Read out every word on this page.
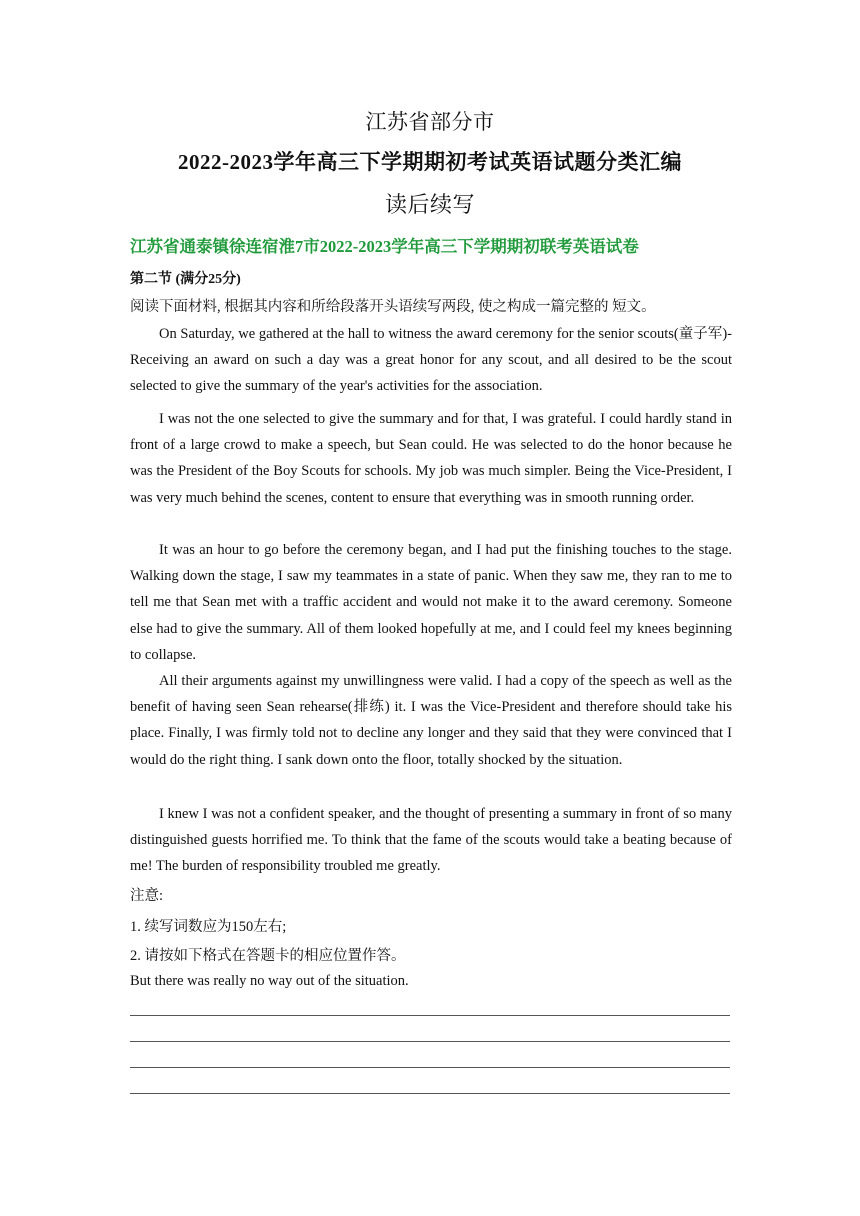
江苏省部分市
2022-2023学年高三下学期期初考试英语试题分类汇编
读后续写
江苏省通泰镇徐连宿淮7市2022-2023学年高三下学期期初联考英语试卷
第二节 (满分25分)
阅读下面材料, 根据其内容和所给段落开头语续写两段, 使之构成一篇完整的 短文。

On Saturday, we gathered at the hall to witness the award ceremony for the senior scouts(童子军)- Receiving an award on such a day was a great honor for any scout, and all desired to be the scout selected to give the summary of the year's activities for the association.

I was not the one selected to give the summary and for that, I was grateful. I could hardly stand in front of a large crowd to make a speech, but Sean could. He was selected to do the honor because he was the President of the Boy Scouts for schools. My job was much simpler. Being the Vice-President, I was very much behind the scenes, content to ensure that everything was in smooth running order.

It was an hour to go before the ceremony began, and I had put the finishing touches to the stage. Walking down the stage, I saw my teammates in a state of panic. When they saw me, they ran to me to tell me that Sean met with a traffic accident and would not make it to the award ceremony. Someone else had to give the summary. All of them looked hopefully at me, and I could feel my knees beginning to collapse.

All their arguments against my unwillingness were valid. I had a copy of the speech as well as the benefit of having seen Sean rehearse(排练) it. I was the Vice-President and therefore should take his place. Finally, I was firmly told not to decline any longer and they said that they were convinced that I would do the right thing. I sank down onto the floor, totally shocked by the situation.

I knew I was not a confident speaker, and the thought of presenting a summary in front of so many distinguished guests horrified me. To think that the fame of the scouts would take a beating because of me! The burden of responsibility troubled me greatly.

注意:
1. 续写词数应为150左右;
2. 请按如下格式在答题卡的相应位置作答。
But there was really no way out of the situation.
